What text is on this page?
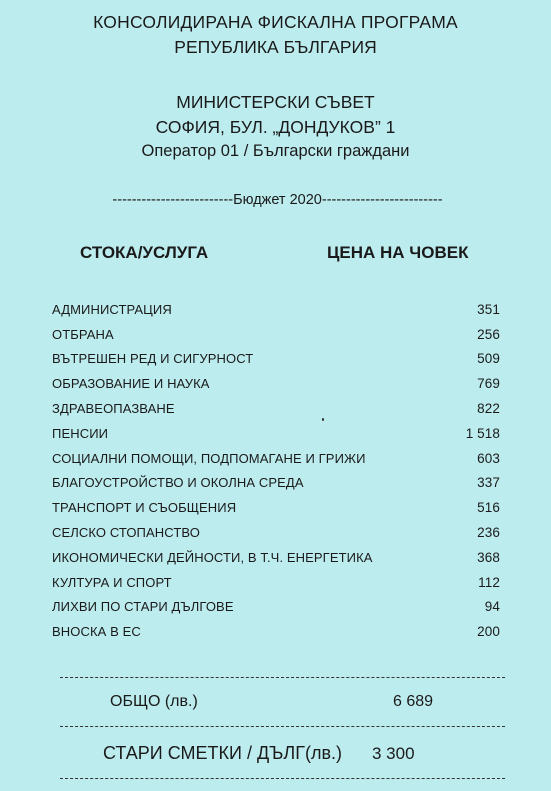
КОНСОЛИДИРАНА ФИСКАЛНА ПРОГРАМА
РЕПУБЛИКА БЪЛГАРИЯ
МИНИСТЕРСКИ СЪВЕТ
СОФИЯ, БУЛ. „ДОНДУКОВ” 1
Оператор 01 / Български граждани
-------------------------Бюджет 2020-------------------------
СТОКА/УСЛУГА	ЦЕНА НА ЧОВЕК
АДМИНИСТРАЦИЯ	351
ОТБРАНА	256
ВЪТРЕШЕН РЕД И СИГУРНОСТ	509
ОБРАЗОВАНИЕ И НАУКА	769
ЗДРАВЕОПАЗВАНЕ	822
ПЕНСИИ	1 518
СОЦИАЛНИ ПОМОЩИ, ПОДПОМАГАНЕ И ГРИЖИ	603
БЛАГОУСТРОЙСТВО И ОКОЛНА СРЕДА	337
ТРАНСПОРТ И СЪОБЩЕНИЯ	516
СЕЛСКО СТОПАНСТВО	236
ИКОНОМИЧЕСКИ ДЕЙНОСТИ, В Т.Ч. ЕНЕРГЕТИКА	368
КУЛТУРА И СПОРТ	112
ЛИХВИ ПО СТАРИ ДЪЛГОВЕ	94
ВНОСКА В ЕС	200
ОБЩО (лв.)	6 689
СТАРИ СМЕТКИ / ДЪЛГ(лв.) 3 300
